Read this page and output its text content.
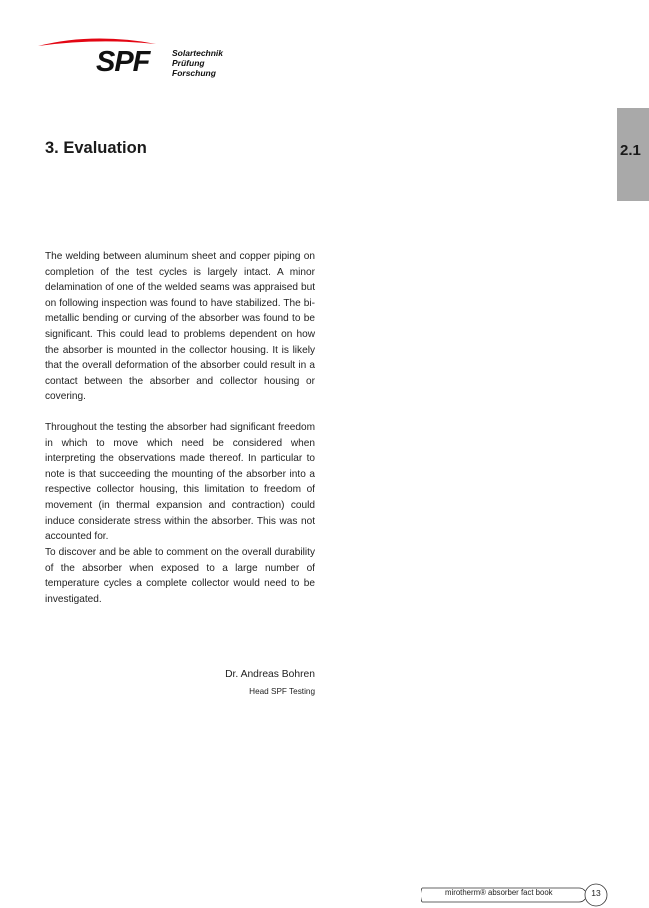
SPF	Solartechnik
Prüfung
Forschung
3. Evaluation	2.1

The welding between aluminum sheet and copper piping on completion of the test cycles is largely intact. A minor delamination of one of the welded seams was appraised but on following inspection was found to have stabilized. The bi-metallic bending or curving of the absorber was found to be significant. This could lead to problems dependent on how the absorber is mounted in the collector housing. It is likely that the overall deformation of the absorber could result in a contact between the absorber and collector housing or covering.

Throughout the testing the absorber had significant freedom in which to move which need be considered when interpreting the observations made thereof. In particular to note is that succeeding the mounting of the absorber into a respective collector housing, this limitation to freedom of movement (in thermal expansion and contraction) could induce considerate stress within the absorber. This was not accounted for.

To discover and be able to comment on the overall durability of the absorber when exposed to a large number of temperature cycles a complete collector would need to be investigated.

Dr. Andreas Bohren
Head SPF Testing
mirotherm® absorber fact book	13
